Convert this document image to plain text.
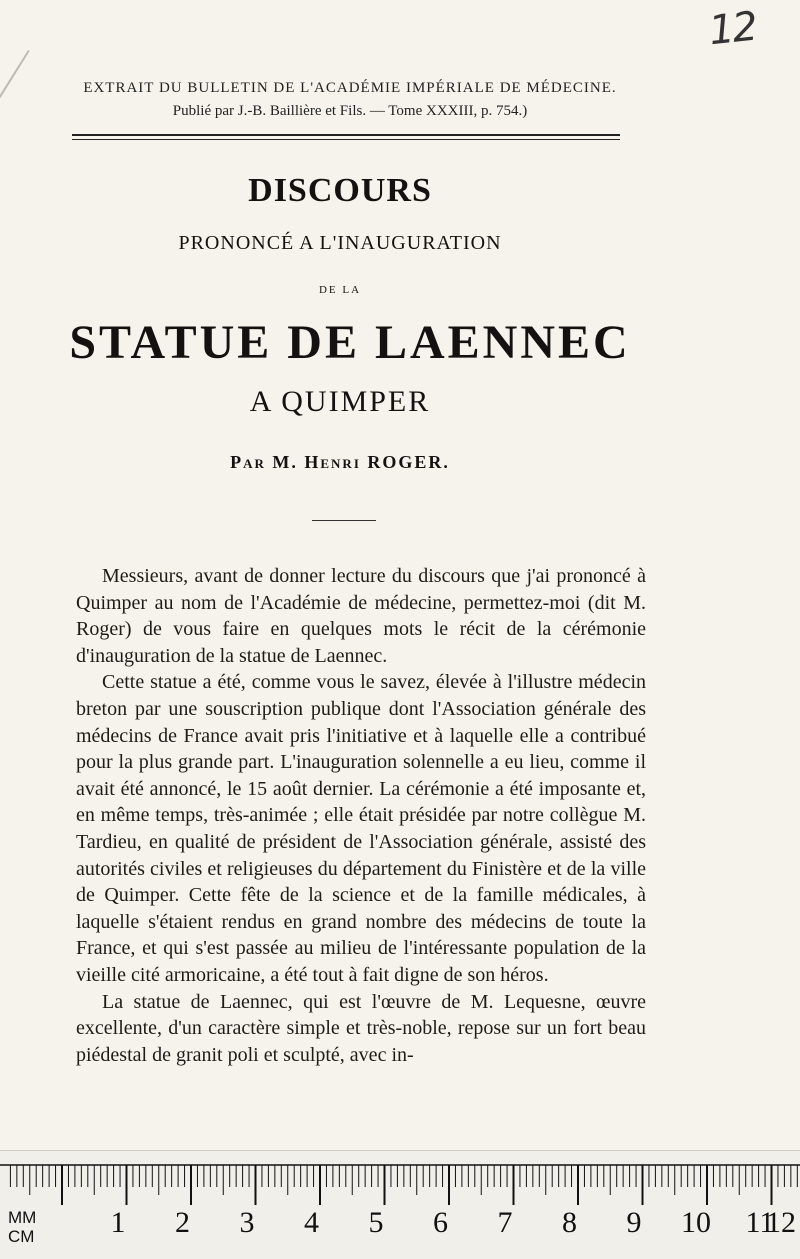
12
EXTRAIT DU BULLETIN DE L'ACADÉMIE IMPÉRIALE DE MÉDECINE.
Publié par J.-B. Baillière et Fils. — Tome XXXIII, p. 754.)
DISCOURS
PRONONCÉ A L'INAUGURATION
DE LA
STATUE DE LAENNEC
A QUIMPER
Par M. Henri ROGER.

Messieurs, avant de donner lecture du discours que j'ai prononcé à Quimper au nom de l'Académie de médecine, permettez-moi (dit M. Roger) de vous faire en quelques mots le récit de la cérémonie d'inauguration de la statue de Laennec.

Cette statue a été, comme vous le savez, élevée à l'illustre médecin breton par une souscription publique dont l'Association générale des médecins de France avait pris l'initiative et à laquelle elle a contribué pour la plus grande part. L'inauguration solennelle a eu lieu, comme il avait été annoncé, le 15 août dernier. La cérémonie a été imposante et, en même temps, très-animée ; elle était présidée par notre collègue M. Tardieu, en qualité de président de l'Association générale, assisté des autorités civiles et religieuses du département du Finistère et de la ville de Quimper. Cette fête de la science et de la famille médicales, à laquelle s'étaient rendus en grand nombre des médecins de toute la France, et qui s'est passée au milieu de l'intéressante population de la vieille cité armoricaine, a été tout à fait digne de son héros.

La statue de Laennec, qui est l'œuvre de M. Lequesne, œuvre excellente, d'un caractère simple et très-noble, repose sur un fort beau piédestal de granit poli et sculpté, avec in-

MM
CM	1 2 3 4 5 6 7 8 9 10 11
12
